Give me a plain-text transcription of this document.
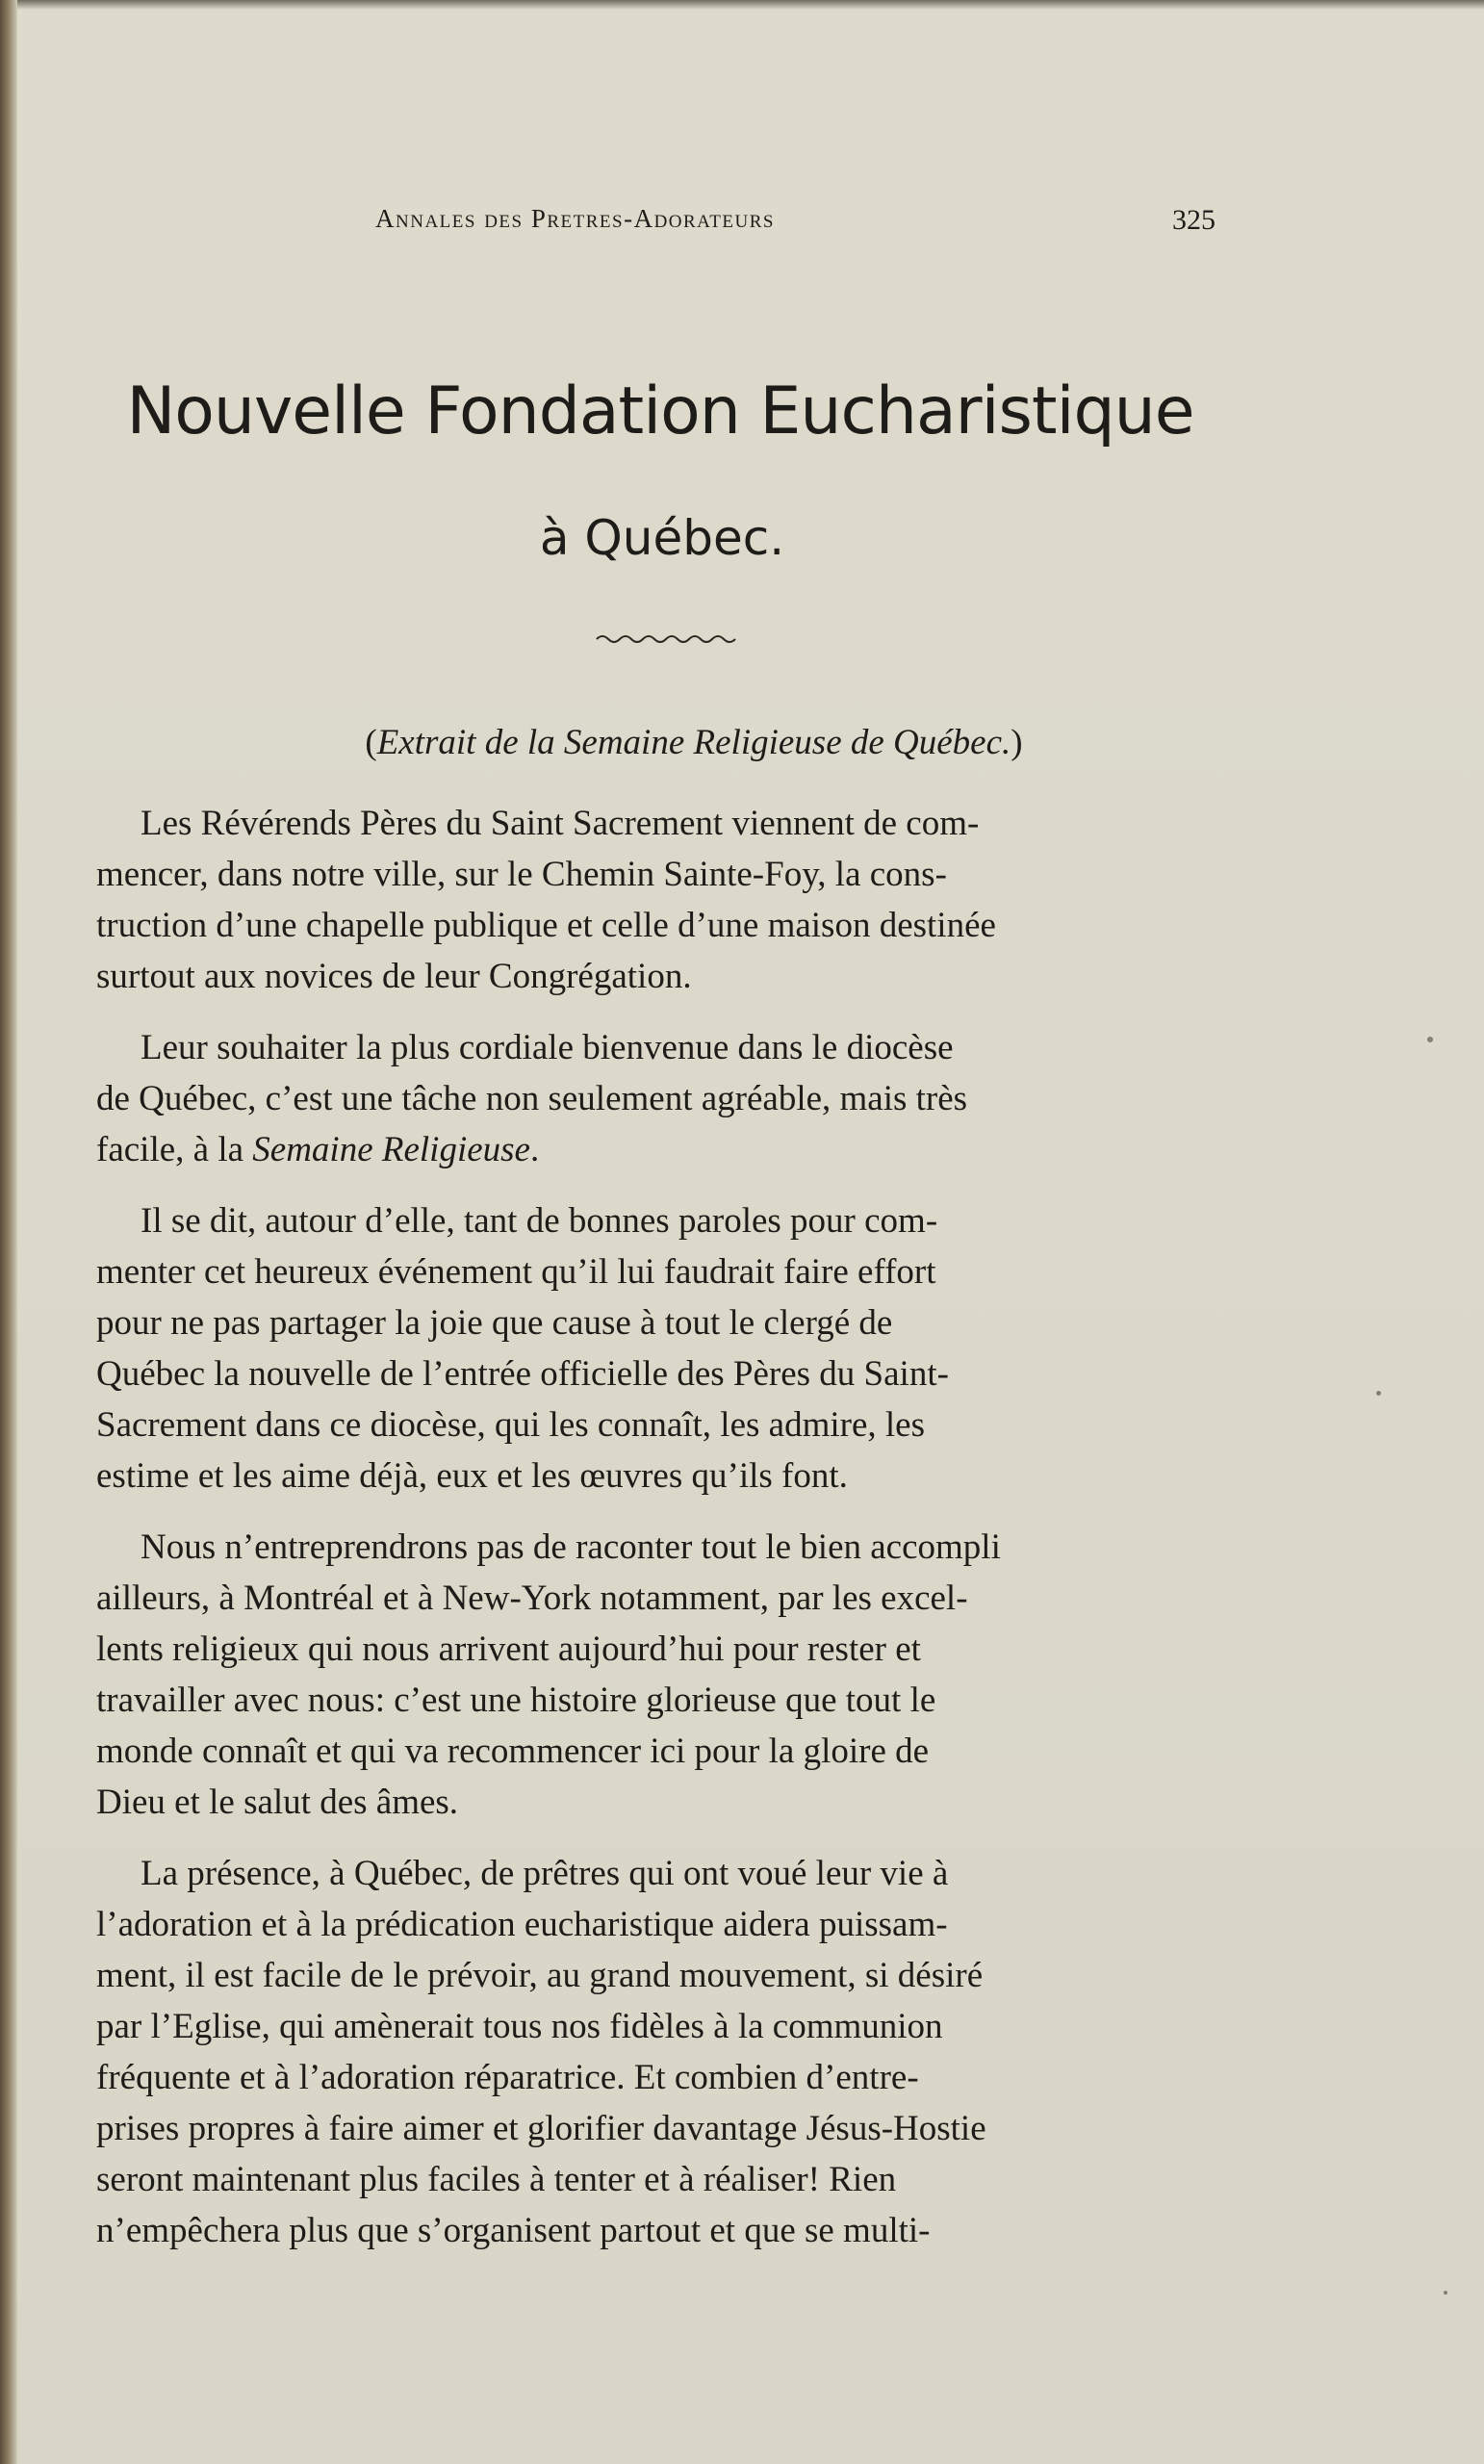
Annales des Pretres-Adorateurs	325
Nouvelle Fondation Eucharistique
à Québec.
(Extrait de la Semaine Religieuse de Québec.)

Les Révérends Pères du Saint Sacrement viennent de com-
mencer, dans notre ville, sur le Chemin Sainte-Foy, la cons-
truction d’une chapelle publique et celle d’une maison destinée
surtout aux novices de leur Congrégation.

Leur souhaiter la plus cordiale bienvenue dans le diocèse
de Québec, c’est une tâche non seulement agréable, mais très
facile, à la Semaine Religieuse.

Il se dit, autour d’elle, tant de bonnes paroles pour com-
menter cet heureux événement qu’il lui faudrait faire effort
pour ne pas partager la joie que cause à tout le clergé de
Québec la nouvelle de l’entrée officielle des Pères du Saint-
Sacrement dans ce diocèse, qui les connaît, les admire, les
estime et les aime déjà, eux et les œuvres qu’ils font.

Nous n’entreprendrons pas de raconter tout le bien accompli
ailleurs, à Montréal et à New-York notamment, par les excel-
lents religieux qui nous arrivent aujourd’hui pour rester et
travailler avec nous: c’est une histoire glorieuse que tout le
monde connaît et qui va recommencer ici pour la gloire de
Dieu et le salut des âmes.

La présence, à Québec, de prêtres qui ont voué leur vie à
l’adoration et à la prédication eucharistique aidera puissam-
ment, il est facile de le prévoir, au grand mouvement, si désiré
par l’Eglise, qui amènerait tous nos fidèles à la communion
fréquente et à l’adoration réparatrice. Et combien d’entre-
prises propres à faire aimer et glorifier davantage Jésus-Hostie
seront maintenant plus faciles à tenter et à réaliser! Rien
n’empêchera plus que s’organisent partout et que se multi-
